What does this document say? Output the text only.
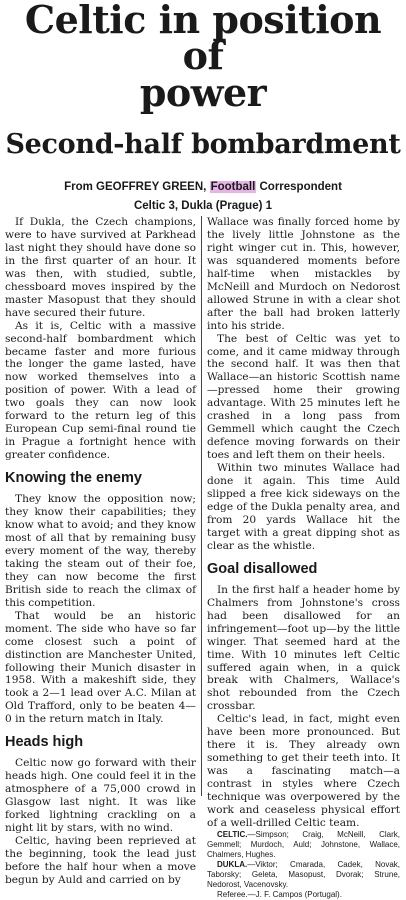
Celtic in position
of
power
Second-half bombardment
From GEOFFREY GREEN, Football Correspondent
Celtic 3, Dukla (Prague) 1

If Dukla, the Czech champions, were to have survived at Parkhead last night they should have done so in the first quarter of an hour. It was then, with studied, subtle, chessboard moves inspired by the master Masopust that they should have secured their future.

As it is, Celtic with a massive second-half bombardment which became faster and more furious the longer the game lasted, have now worked themselves into a position of power. With a lead of two goals they can now look forward to the return leg of this European Cup semi-final round tie in Prague a fortnight hence with greater confidence.

Knowing the enemy

They know the opposition now; they know their capabilities; they know what to avoid; and they know most of all that by remaining busy every moment of the way, thereby taking the steam out of their foe, they can now become the first British side to reach the climax of this competition.

That would be an historic moment. The side who have so far come closest such a point of distinction are Manchester United, following their Munich disaster in 1958. With a makeshift side, they took a 2—1 lead over A.C. Milan at Old Trafford, only to be beaten 4—0 in the return match in Italy.

Heads high

Celtic now go forward with their heads high. One could feel it in the atmosphere of a 75,000 crowd in Glasgow last night. It was like forked lightning crackling on a night lit by stars, with no wind.

Celtic, having been reprieved at the beginning, took the lead just before the half hour when a move begun by Auld and carried on by

Wallace was finally forced home by the lively little Johnstone as the right winger cut in. This, however, was squandered moments before half-time when mistackles by McNeill and Murdoch on Nedorost allowed Strune in with a clear shot after the ball had broken latterly into his stride.

The best of Celtic was yet to come, and it came midway through the second half. It was then that Wallace—an historic Scottish name—pressed home their growing advantage. With 25 minutes left he crashed in a long pass from Gemmell which caught the Czech defence moving forwards on their toes and left them on their heels.

Within two minutes Wallace had done it again. This time Auld slipped a free kick sideways on the edge of the Dukla penalty area, and from 20 yards Wallace hit the target with a great dipping shot as clear as the whistle.

Goal disallowed

In the first half a header home by Chalmers from Johnstone's cross had been disallowed for an infringement—foot up—by the little winger. That seemed hard at the time. With 10 minutes left Celtic suffered again when, in a quick break with Chalmers, Wallace's shot rebounded from the Czech crossbar.

Celtic's lead, in fact, might even have been more pronounced. But there it is. They already own something to get their teeth into. It was a fascinating match—a contrast in styles where Czech technique was overpowered by the work and ceaseless physical effort of a well-drilled Celtic team.

CELTIC.—Simpson; Craig, McNeill, Clark, Gemmell; Murdoch, Auld; Johnstone, Wallace, Chalmers, Hughes.

DUKLA.—Viktor; Cmarada, Cadek, Novak, Taborsky; Geleta, Masopust, Dvorak; Strune, Nedorost, Vacenovsky.

Referee.—J. F. Campos (Portugal).
